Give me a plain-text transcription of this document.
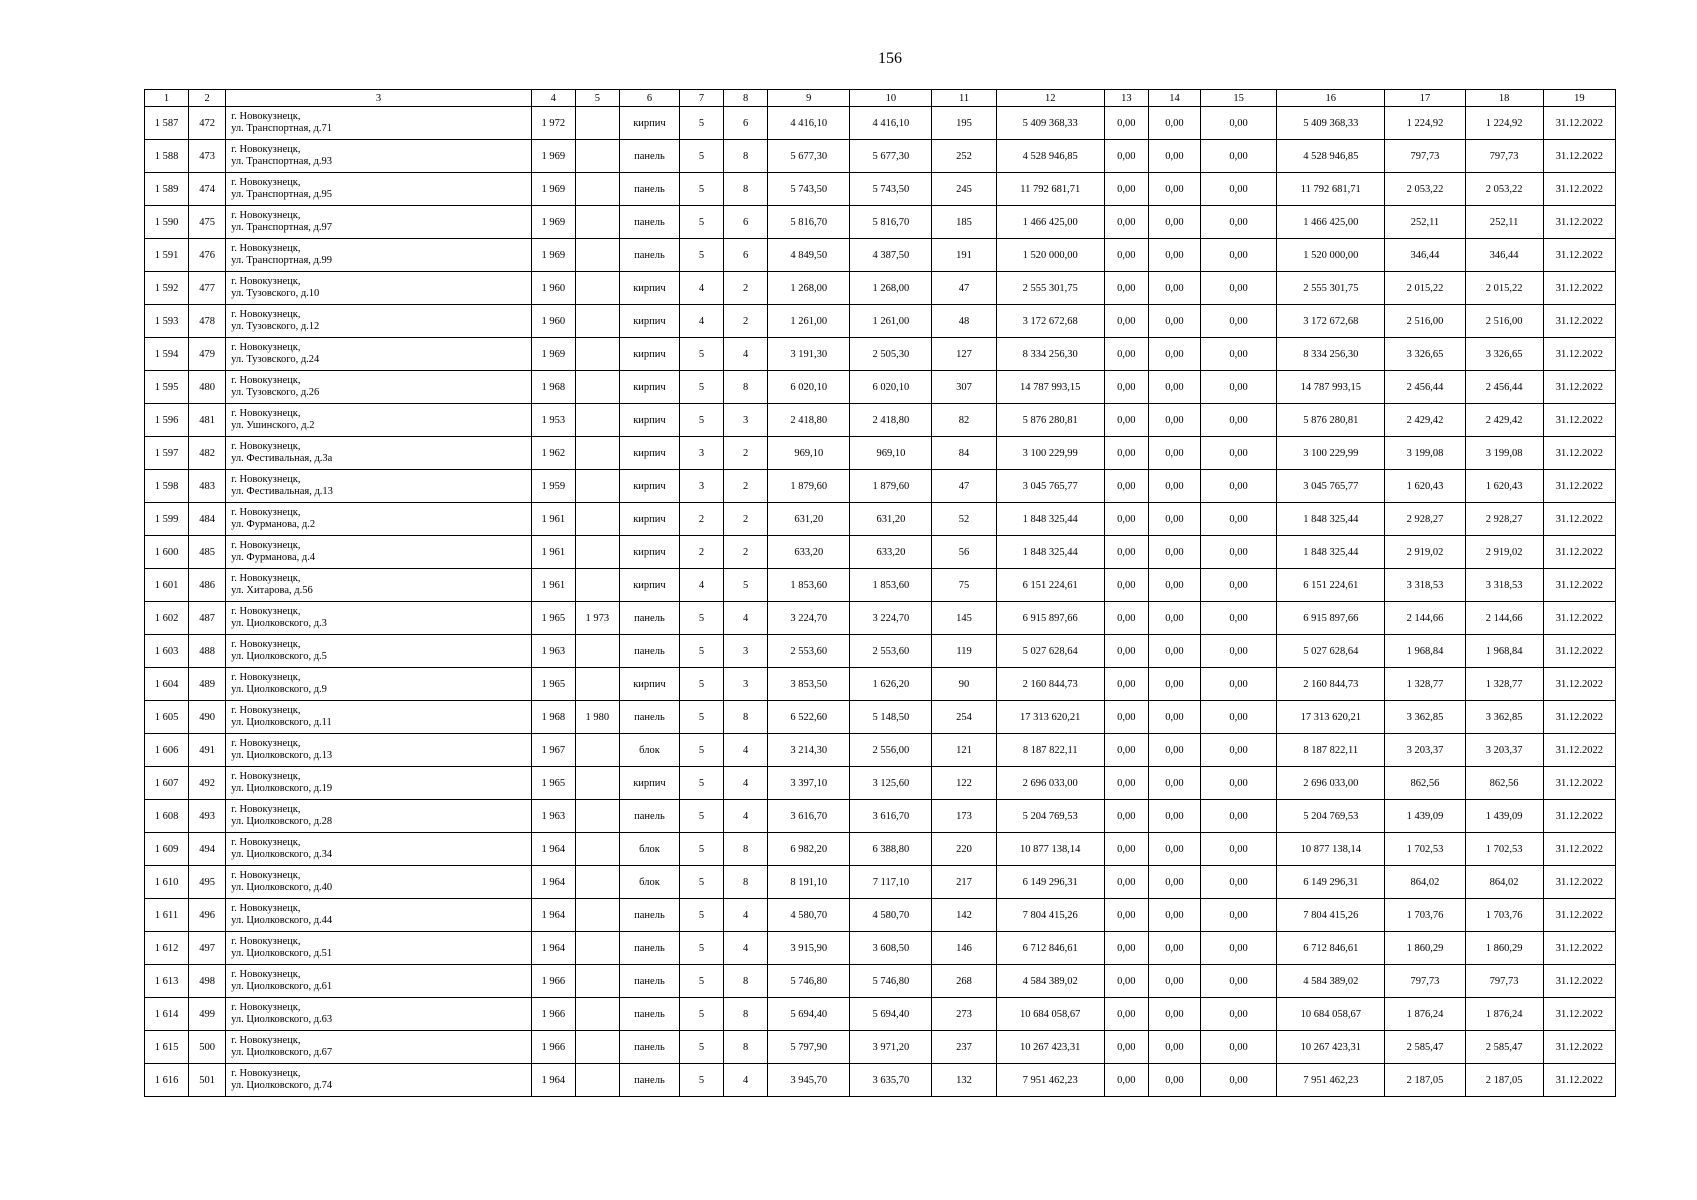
156
1	2	3	4	5	6	7	8	9	10	11	12	13	14	15	16	17	18	19
1 587	472	г. Новокузнецк,
ул. Транспортная, д.71	1 972		кирпич	5	6	4 416,10	4 416,10	195	5 409 368,33	0,00	0,00	0,00	5 409 368,33	1 224,92	1 224,92	31.12.2022
1 588	473	г. Новокузнецк,
ул. Транспортная, д.93	1 969		панель	5	8	5 677,30	5 677,30	252	4 528 946,85	0,00	0,00	0,00	4 528 946,85	797,73	797,73	31.12.2022
1 589	474	г. Новокузнецк,
ул. Транспортная, д.95	1 969		панель	5	8	5 743,50	5 743,50	245	11 792 681,71	0,00	0,00	0,00	11 792 681,71	2 053,22	2 053,22	31.12.2022
1 590	475	г. Новокузнецк,
ул. Транспортная, д.97	1 969		панель	5	6	5 816,70	5 816,70	185	1 466 425,00	0,00	0,00	0,00	1 466 425,00	252,11	252,11	31.12.2022
1 591	476	г. Новокузнецк,
ул. Транспортная, д.99	1 969		панель	5	6	4 849,50	4 387,50	191	1 520 000,00	0,00	0,00	0,00	1 520 000,00	346,44	346,44	31.12.2022
1 592	477	г. Новокузнецк,
ул. Тузовского, д.10	1 960		кирпич	4	2	1 268,00	1 268,00	47	2 555 301,75	0,00	0,00	0,00	2 555 301,75	2 015,22	2 015,22	31.12.2022
1 593	478	г. Новокузнецк,
ул. Тузовского, д.12	1 960		кирпич	4	2	1 261,00	1 261,00	48	3 172 672,68	0,00	0,00	0,00	3 172 672,68	2 516,00	2 516,00	31.12.2022
1 594	479	г. Новокузнецк,
ул. Тузовского, д.24	1 969		кирпич	5	4	3 191,30	2 505,30	127	8 334 256,30	0,00	0,00	0,00	8 334 256,30	3 326,65	3 326,65	31.12.2022
1 595	480	г. Новокузнецк,
ул. Тузовского, д.26	1 968		кирпич	5	8	6 020,10	6 020,10	307	14 787 993,15	0,00	0,00	0,00	14 787 993,15	2 456,44	2 456,44	31.12.2022
1 596	481	г. Новокузнецк,
ул. Ушинского, д.2	1 953		кирпич	5	3	2 418,80	2 418,80	82	5 876 280,81	0,00	0,00	0,00	5 876 280,81	2 429,42	2 429,42	31.12.2022
1 597	482	г. Новокузнецк,
ул. Фестивальная, д.3а	1 962		кирпич	3	2	969,10	969,10	84	3 100 229,99	0,00	0,00	0,00	3 100 229,99	3 199,08	3 199,08	31.12.2022
1 598	483	г. Новокузнецк,
ул. Фестивальная, д.13	1 959		кирпич	3	2	1 879,60	1 879,60	47	3 045 765,77	0,00	0,00	0,00	3 045 765,77	1 620,43	1 620,43	31.12.2022
1 599	484	г. Новокузнецк,
ул. Фурманова, д.2	1 961		кирпич	2	2	631,20	631,20	52	1 848 325,44	0,00	0,00	0,00	1 848 325,44	2 928,27	2 928,27	31.12.2022
1 600	485	г. Новокузнецк,
ул. Фурманова, д.4	1 961		кирпич	2	2	633,20	633,20	56	1 848 325,44	0,00	0,00	0,00	1 848 325,44	2 919,02	2 919,02	31.12.2022
1 601	486	г. Новокузнецк,
ул. Хитарова, д.56	1 961		кирпич	4	5	1 853,60	1 853,60	75	6 151 224,61	0,00	0,00	0,00	6 151 224,61	3 318,53	3 318,53	31.12.2022
1 602	487	г. Новокузнецк,
ул. Циолковского, д.3	1 965	1 973	панель	5	4	3 224,70	3 224,70	145	6 915 897,66	0,00	0,00	0,00	6 915 897,66	2 144,66	2 144,66	31.12.2022
1 603	488	г. Новокузнецк,
ул. Циолковского, д.5	1 963		панель	5	3	2 553,60	2 553,60	119	5 027 628,64	0,00	0,00	0,00	5 027 628,64	1 968,84	1 968,84	31.12.2022
1 604	489	г. Новокузнецк,
ул. Циолковского, д.9	1 965		кирпич	5	3	3 853,50	1 626,20	90	2 160 844,73	0,00	0,00	0,00	2 160 844,73	1 328,77	1 328,77	31.12.2022
1 605	490	г. Новокузнецк,
ул. Циолковского, д.11	1 968	1 980	панель	5	8	6 522,60	5 148,50	254	17 313 620,21	0,00	0,00	0,00	17 313 620,21	3 362,85	3 362,85	31.12.2022
1 606	491	г. Новокузнецк,
ул. Циолковского, д.13	1 967		блок	5	4	3 214,30	2 556,00	121	8 187 822,11	0,00	0,00	0,00	8 187 822,11	3 203,37	3 203,37	31.12.2022
1 607	492	г. Новокузнецк,
ул. Циолковского, д.19	1 965		кирпич	5	4	3 397,10	3 125,60	122	2 696 033,00	0,00	0,00	0,00	2 696 033,00	862,56	862,56	31.12.2022
1 608	493	г. Новокузнецк,
ул. Циолковского, д.28	1 963		панель	5	4	3 616,70	3 616,70	173	5 204 769,53	0,00	0,00	0,00	5 204 769,53	1 439,09	1 439,09	31.12.2022
1 609	494	г. Новокузнецк,
ул. Циолковского, д.34	1 964		блок	5	8	6 982,20	6 388,80	220	10 877 138,14	0,00	0,00	0,00	10 877 138,14	1 702,53	1 702,53	31.12.2022
1 610	495	г. Новокузнецк,
ул. Циолковского, д.40	1 964		блок	5	8	8 191,10	7 117,10	217	6 149 296,31	0,00	0,00	0,00	6 149 296,31	864,02	864,02	31.12.2022
1 611	496	г. Новокузнецк,
ул. Циолковского, д.44	1 964		панель	5	4	4 580,70	4 580,70	142	7 804 415,26	0,00	0,00	0,00	7 804 415,26	1 703,76	1 703,76	31.12.2022
1 612	497	г. Новокузнецк,
ул. Циолковского, д.51	1 964		панель	5	4	3 915,90	3 608,50	146	6 712 846,61	0,00	0,00	0,00	6 712 846,61	1 860,29	1 860,29	31.12.2022
1 613	498	г. Новокузнецк,
ул. Циолковского, д.61	1 966		панель	5	8	5 746,80	5 746,80	268	4 584 389,02	0,00	0,00	0,00	4 584 389,02	797,73	797,73	31.12.2022
1 614	499	г. Новокузнецк,
ул. Циолковского, д.63	1 966		панель	5	8	5 694,40	5 694,40	273	10 684 058,67	0,00	0,00	0,00	10 684 058,67	1 876,24	1 876,24	31.12.2022
1 615	500	г. Новокузнецк,
ул. Циолковского, д.67	1 966		панель	5	8	5 797,90	3 971,20	237	10 267 423,31	0,00	0,00	0,00	10 267 423,31	2 585,47	2 585,47	31.12.2022
1 616	501	г. Новокузнецк,
ул. Циолковского, д.74	1 964		панель	5	4	3 945,70	3 635,70	132	7 951 462,23	0,00	0,00	0,00	7 951 462,23	2 187,05	2 187,05	31.12.2022
